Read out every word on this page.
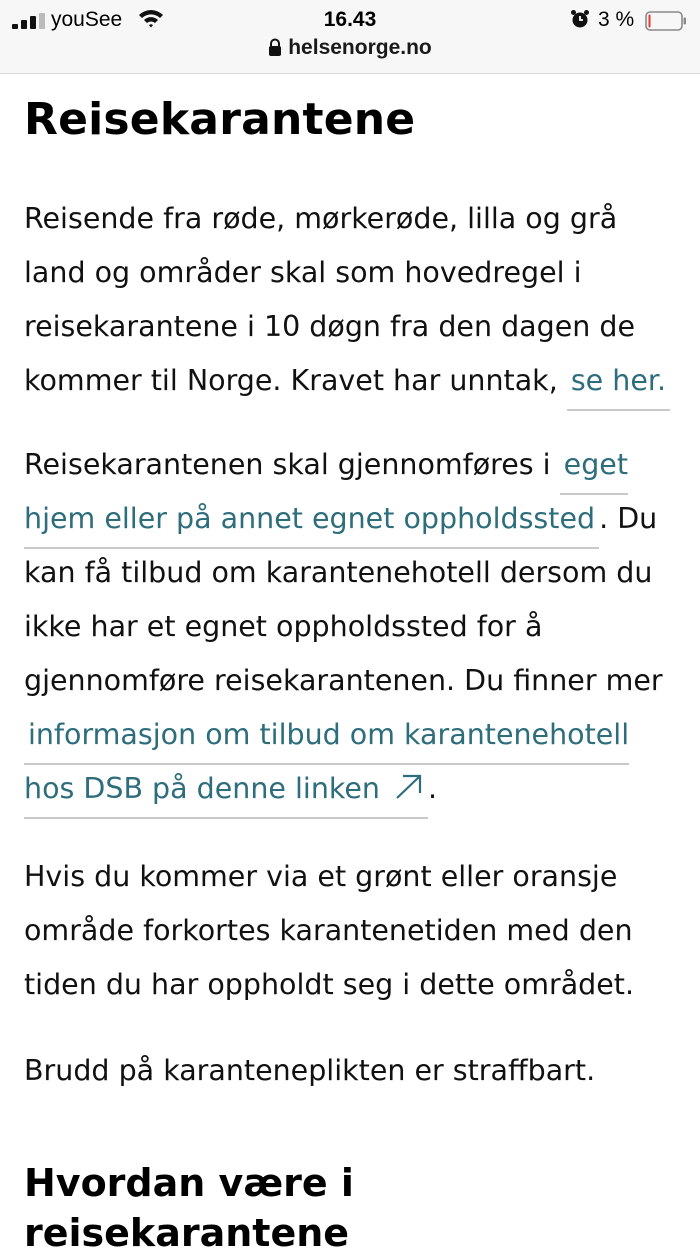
youSee	16.43	3 %
helsenorge.no
Reisekarantene

Reisende fra røde, mørkerøde, lilla og grå land og områder skal som hovedregel i reisekarantene i 10 døgn fra den dagen de kommer til Norge. Kravet har unntak, se her.

Reisekarantenen skal gjennomføres i eget hjem eller på annet egnet oppholdssted . Du kan få tilbud om karantenehotell dersom du ikke har et egnet oppholdssted for å gjennomføre reisekarantenen. Du finner mer informasjon om tilbud om karantenehotell hos DSB på denne linken .

Hvis du kommer via et grønt eller oransje område forkortes karantenetiden med den tiden du har oppholdt seg i dette området.

Brudd på karanteneplikten er straffbart.

Hvordan være i reisekarantene
